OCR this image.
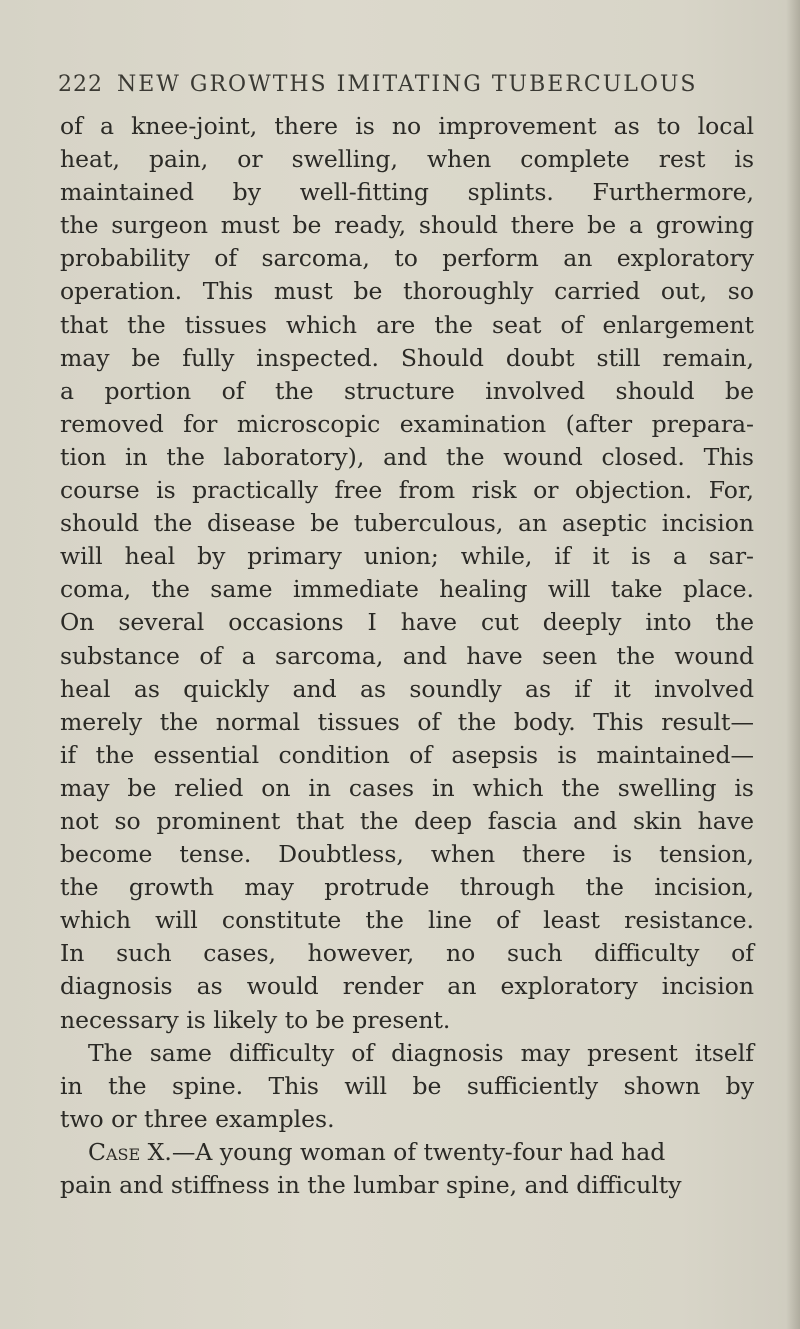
222 NEW GROWTHS IMITATING TUBERCULOUS
of a knee-joint, there is no improvement as to local
heat, pain, or swelling, when complete rest is
maintained by well-fitting splints. Furthermore,
the surgeon must be ready, should there be a growing
probability of sarcoma, to perform an exploratory
operation. This must be thoroughly carried out, so
that the tissues which are the seat of enlargement
may be fully inspected. Should doubt still remain,
a portion of the structure involved should be
removed for microscopic examination (after prepara-
tion in the laboratory), and the wound closed. This
course is practically free from risk or objection. For,
should the disease be tuberculous, an aseptic incision
will heal by primary union; while, if it is a sar-
coma, the same immediate healing will take place.
On several occasions I have cut deeply into the
substance of a sarcoma, and have seen the wound
heal as quickly and as soundly as if it involved
merely the normal tissues of the body. This result—
if the essential condition of asepsis is maintained—
may be relied on in cases in which the swelling is
not so prominent that the deep fascia and skin have
become tense. Doubtless, when there is tension,
the growth may protrude through the incision,
which will constitute the line of least resistance.
In such cases, however, no such difficulty of
diagnosis as would render an exploratory incision
necessary is likely to be present.
The same difficulty of diagnosis may present itself
in the spine. This will be sufficiently shown by
two or three examples.
Case X.—A young woman of twenty-four had had
pain and stiffness in the lumbar spine, and difficulty
